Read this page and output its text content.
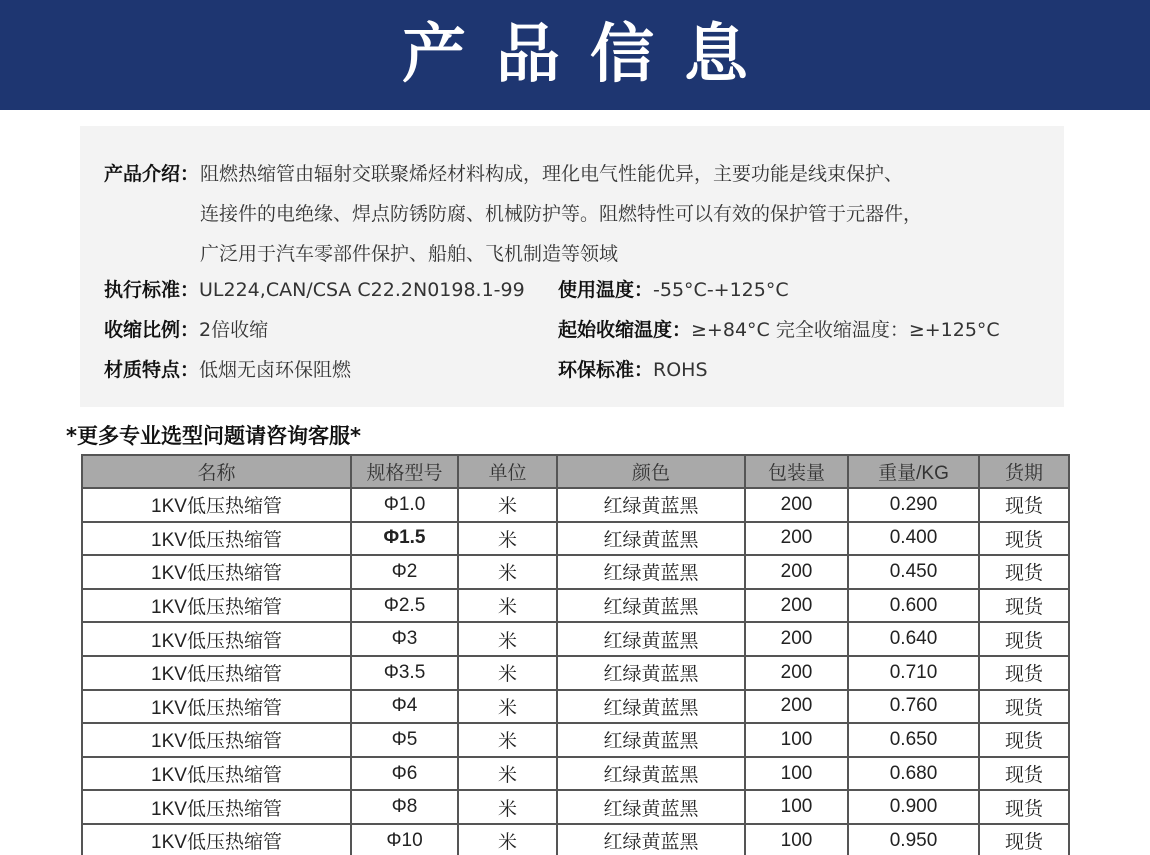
产品信息
产品介绍： 阻燃热缩管由辐射交联聚烯烃材料构成，理化电气性能优异，主要功能是线束保护、
连接件的电绝缘、焊点防锈防腐、机械防护等。阻燃特性可以有效的保护管于元器件，
广泛用于汽车零部件保护、船舶、飞机制造等领域
执行标准： UL224,CAN/CSA C22.2N0198.1-99 使用温度： -55°C-+125°C
收缩比例： 2倍收缩	起始收缩温度： ≥+84°C 完全收缩温度： ≥+125°C
材质特点： 低烟无卤环保阻燃	环保标准： ROHS
*更多专业选型问题请咨询客服*
名称	规格型号	单位	颜色	包装量	重量/KG	货期
1KV低压热缩管	Φ1.0	米	红绿黄蓝黑	200	0.290	现货
1KV低压热缩管	Φ1.5	米	红绿黄蓝黑	200	0.400	现货
1KV低压热缩管	Φ2	米	红绿黄蓝黑	200	0.450	现货
1KV低压热缩管	Φ2.5	米	红绿黄蓝黑	200	0.600	现货
1KV低压热缩管	Φ3	米	红绿黄蓝黑	200	0.640	现货
1KV低压热缩管	Φ3.5	米	红绿黄蓝黑	200	0.710	现货
1KV低压热缩管	Φ4	米	红绿黄蓝黑	200	0.760	现货
1KV低压热缩管	Φ5	米	红绿黄蓝黑	100	0.650	现货
1KV低压热缩管	Φ6	米	红绿黄蓝黑	100	0.680	现货
1KV低压热缩管	Φ8	米	红绿黄蓝黑	100	0.900	现货
1KV低压热缩管	Φ10	米	红绿黄蓝黑	100	0.950	现货
